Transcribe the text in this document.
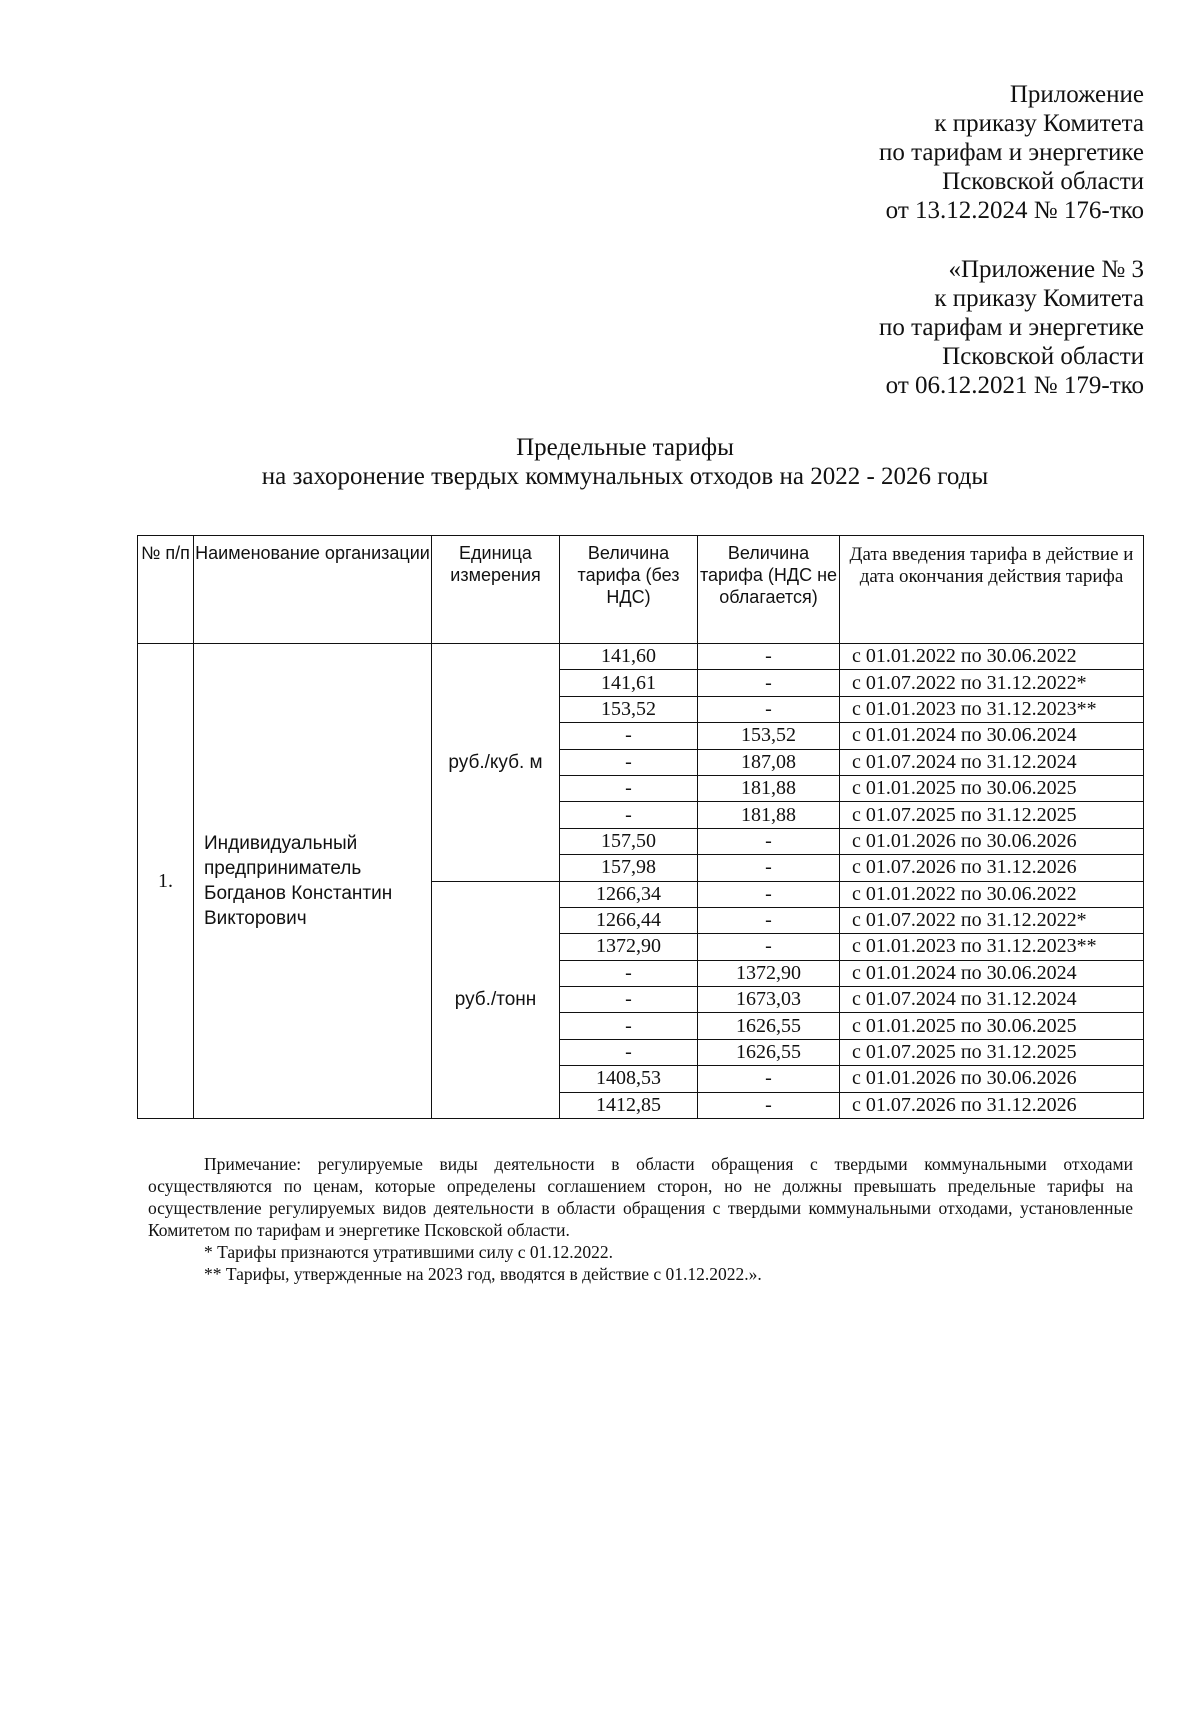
Приложение
к приказу Комитета
по тарифам и энергетике
Псковской области
от 13.12.2024 № 176-тко
«Приложение № 3
к приказу Комитета
по тарифам и энергетике
Псковской области
от 06.12.2021 № 179-тко
Предельные тарифы
на захоронение твердых коммунальных отходов на 2022 - 2026 годы
№ п/п	Наименование организации	Единица измерения	Величина тарифа (без НДС)	Величина тарифа (НДС не облагается)	Дата введения тарифа в действие и дата окончания действия тарифа
1.	Индивидуальный предприниматель Богданов Константин Викторович	руб./куб. м	141,60	-	с 01.01.2022 по 30.06.2022
			141,61	-	с 01.07.2022 по 31.12.2022*
			153,52	-	с 01.01.2023 по 31.12.2023**
			-	153,52	с 01.01.2024 по 30.06.2024
			-	187,08	с 01.07.2024 по 31.12.2024
			-	181,88	с 01.01.2025 по 30.06.2025
			-	181,88	с 01.07.2025 по 31.12.2025
			157,50	-	с 01.01.2026 по 30.06.2026
			157,98	-	с 01.07.2026 по 31.12.2026
		руб./тонн	1266,34	-	с 01.01.2022 по 30.06.2022
			1266,44	-	с 01.07.2022 по 31.12.2022*
			1372,90	-	с 01.01.2023 по 31.12.2023**
			-	1372,90	с 01.01.2024 по 30.06.2024
			-	1673,03	с 01.07.2024 по 31.12.2024
			-	1626,55	с 01.01.2025 по 30.06.2025
			-	1626,55	с 01.07.2025 по 31.12.2025
			1408,53	-	с 01.01.2026 по 30.06.2026
			1412,85	-	с 01.07.2026 по 31.12.2026

Примечание: регулируемые виды деятельности в области обращения с твердыми коммунальными отходами осуществляются по ценам, которые определены соглашением сторон, но не должны превышать предельные тарифы на осуществление регулируемых видов деятельности в области обращения с твердыми коммунальными отходами, установленные Комитетом по тарифам и энергетике Псковской области.

* Тарифы признаются утратившими силу с 01.12.2022.

** Тарифы, утвержденные на 2023 год, вводятся в действие с 01.12.2022.».
